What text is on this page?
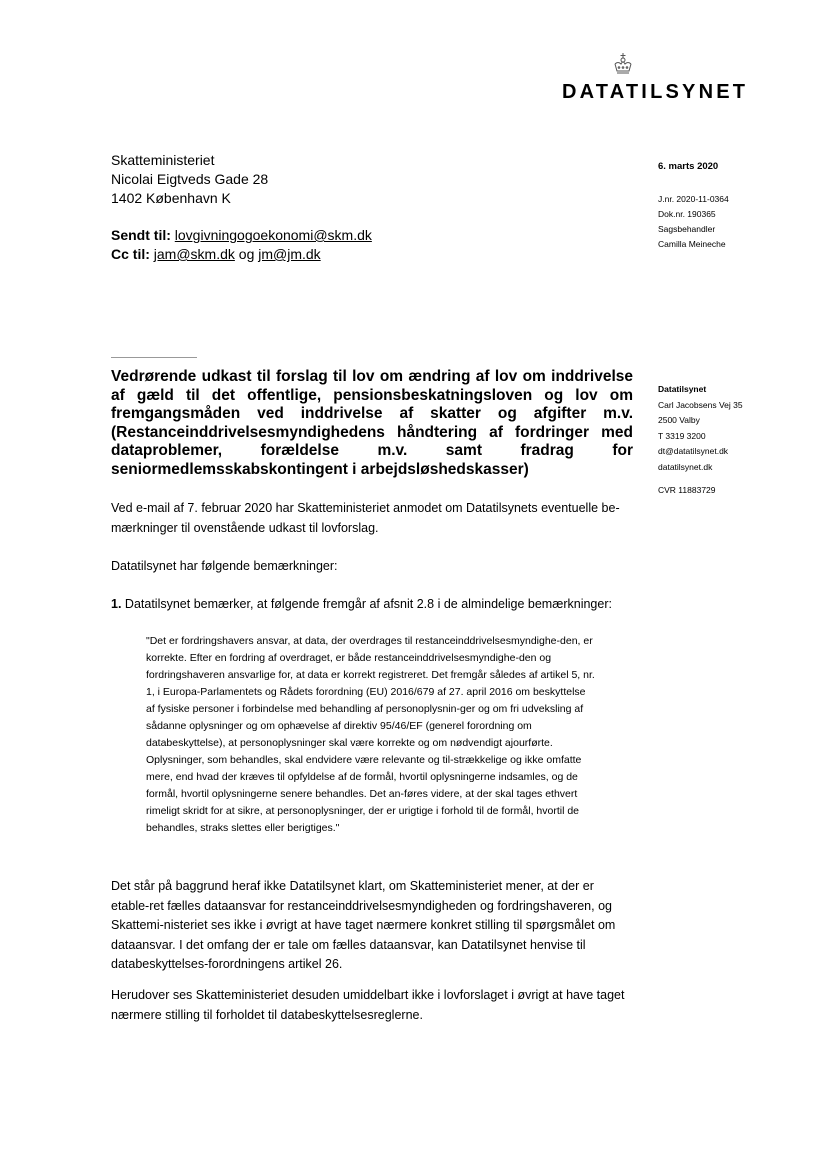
DATATILSYNET
Skatteministeriet
Nicolai Eigtveds Gade 28
1402 København K
Sendt til: lovgivningogoekonomi@skm.dk
Cc til: jam@skm.dk og jm@jm.dk
6. marts 2020
J.nr. 2020-11-0364
Dok.nr. 190365
Sagsbehandler
Camilla Meineche
Datatilsynet
Carl Jacobsens Vej 35
2500 Valby
T 3319 3200
dt@datatilsynet.dk
datatilsynet.dk
CVR 11883729
Vedrørende udkast til forslag til lov om ændring af lov om inddrivelse af gæld til det offentlige, pensionsbeskatningsloven og lov om fremgangsmåden ved inddrivelse af skatter og afgifter m.v. (Restanceinddrivelsesmyndighedens håndtering af fordringer med dataproblemer, forældelse m.v. samt fradrag for seniormedlemsskabskontingent i arbejdsløshedskasser)
Ved e-mail af 7. februar 2020 har Skatteministeriet anmodet om Datatilsynets eventuelle be-mærkninger til ovenstående udkast til lovforslag.
Datatilsynet har følgende bemærkninger:
1. Datatilsynet bemærker, at følgende fremgår af afsnit 2.8 i de almindelige bemærkninger:
"Det er fordringshavers ansvar, at data, der overdrages til restanceinddrivelsesmyndighe-den, er korrekte. Efter en fordring af overdraget, er både restanceinddrivelsesmyndighe-den og fordringshaveren ansvarlige for, at data er korrekt registreret. Det fremgår således af artikel 5, nr. 1, i Europa-Parlamentets og Rådets forordning (EU) 2016/679 af 27. april 2016 om beskyttelse af fysiske personer i forbindelse med behandling af personoplysnin-ger og om fri udveksling af sådanne oplysninger og om ophævelse af direktiv 95/46/EF (generel forordning om databeskyttelse), at personoplysninger skal være korrekte og om nødvendigt ajourførte. Oplysninger, som behandles, skal endvidere være relevante og til-strækkelige og ikke omfatte mere, end hvad der kræves til opfyldelse af de formål, hvortil oplysningerne indsamles, og de formål, hvortil oplysningerne senere behandles. Det an-føres videre, at der skal tages ethvert rimeligt skridt for at sikre, at personoplysninger, der er urigtige i forhold til de formål, hvortil de behandles, straks slettes eller berigtiges."
Det står på baggrund heraf ikke Datatilsynet klart, om Skatteministeriet mener, at der er etable-ret fælles dataansvar for restanceinddrivelsesmyndigheden og fordringshaveren, og Skattemi-nisteriet ses ikke i øvrigt at have taget nærmere konkret stilling til spørgsmålet om dataansvar. I det omfang der er tale om fælles dataansvar, kan Datatilsynet henvise til databeskyttelses-forordningens artikel 26.
Herudover ses Skatteministeriet desuden umiddelbart ikke i lovforslaget i øvrigt at have taget nærmere stilling til forholdet til databeskyttelsesreglerne.
